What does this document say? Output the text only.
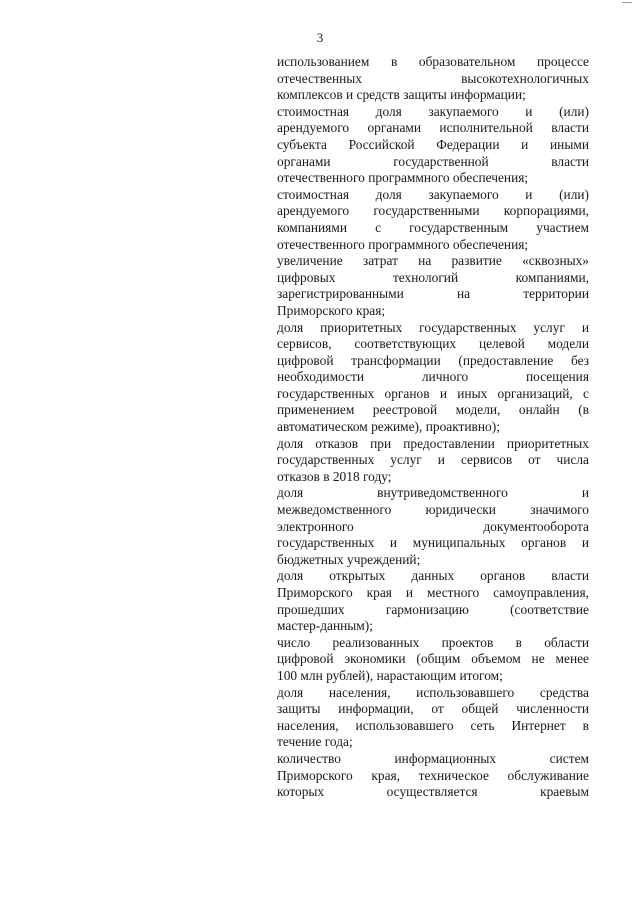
3
использованием в образовательном процессе
отечественных высокотехнологичных
комплексов и средств защиты информации;
стоимостная доля закупаемого и (или)
арендуемого органами исполнительной власти
субъекта Российской Федерации и иными
органами государственной власти
отечественного программного обеспечения;
стоимостная доля закупаемого и (или)
арендуемого государственными корпорациями,
компаниями с государственным участием
отечественного программного обеспечения;
увеличение затрат на развитие «сквозных»
цифровых технологий компаниями,
зарегистрированными на территории
Приморского края;
доля приоритетных государственных услуг и
сервисов, соответствующих целевой модели
цифровой трансформации (предоставление без
необходимости личного посещения
государственных органов и иных организаций, с
применением реестровой модели, онлайн (в
автоматическом режиме), проактивно);
доля отказов при предоставлении приоритетных
государственных услуг и сервисов от числа
отказов в 2018 году;
доля внутриведомственного и
межведомственного юридически значимого
электронного документооборота
государственных и муниципальных органов и
бюджетных учреждений;
доля открытых данных органов власти
Приморского края и местного самоуправления,
прошедших гармонизацию (соответствие
мастер-данным);
число реализованных проектов в области
цифровой экономики (общим объемом не менее
100 млн рублей), нарастающим итогом;
доля населения, использовавшего средства
защиты информации, от общей численности
населения, использовавшего сеть Интернет в
течение года;
количество информационных систем
Приморского края, техническое обслуживание
которых осуществляется краевым
